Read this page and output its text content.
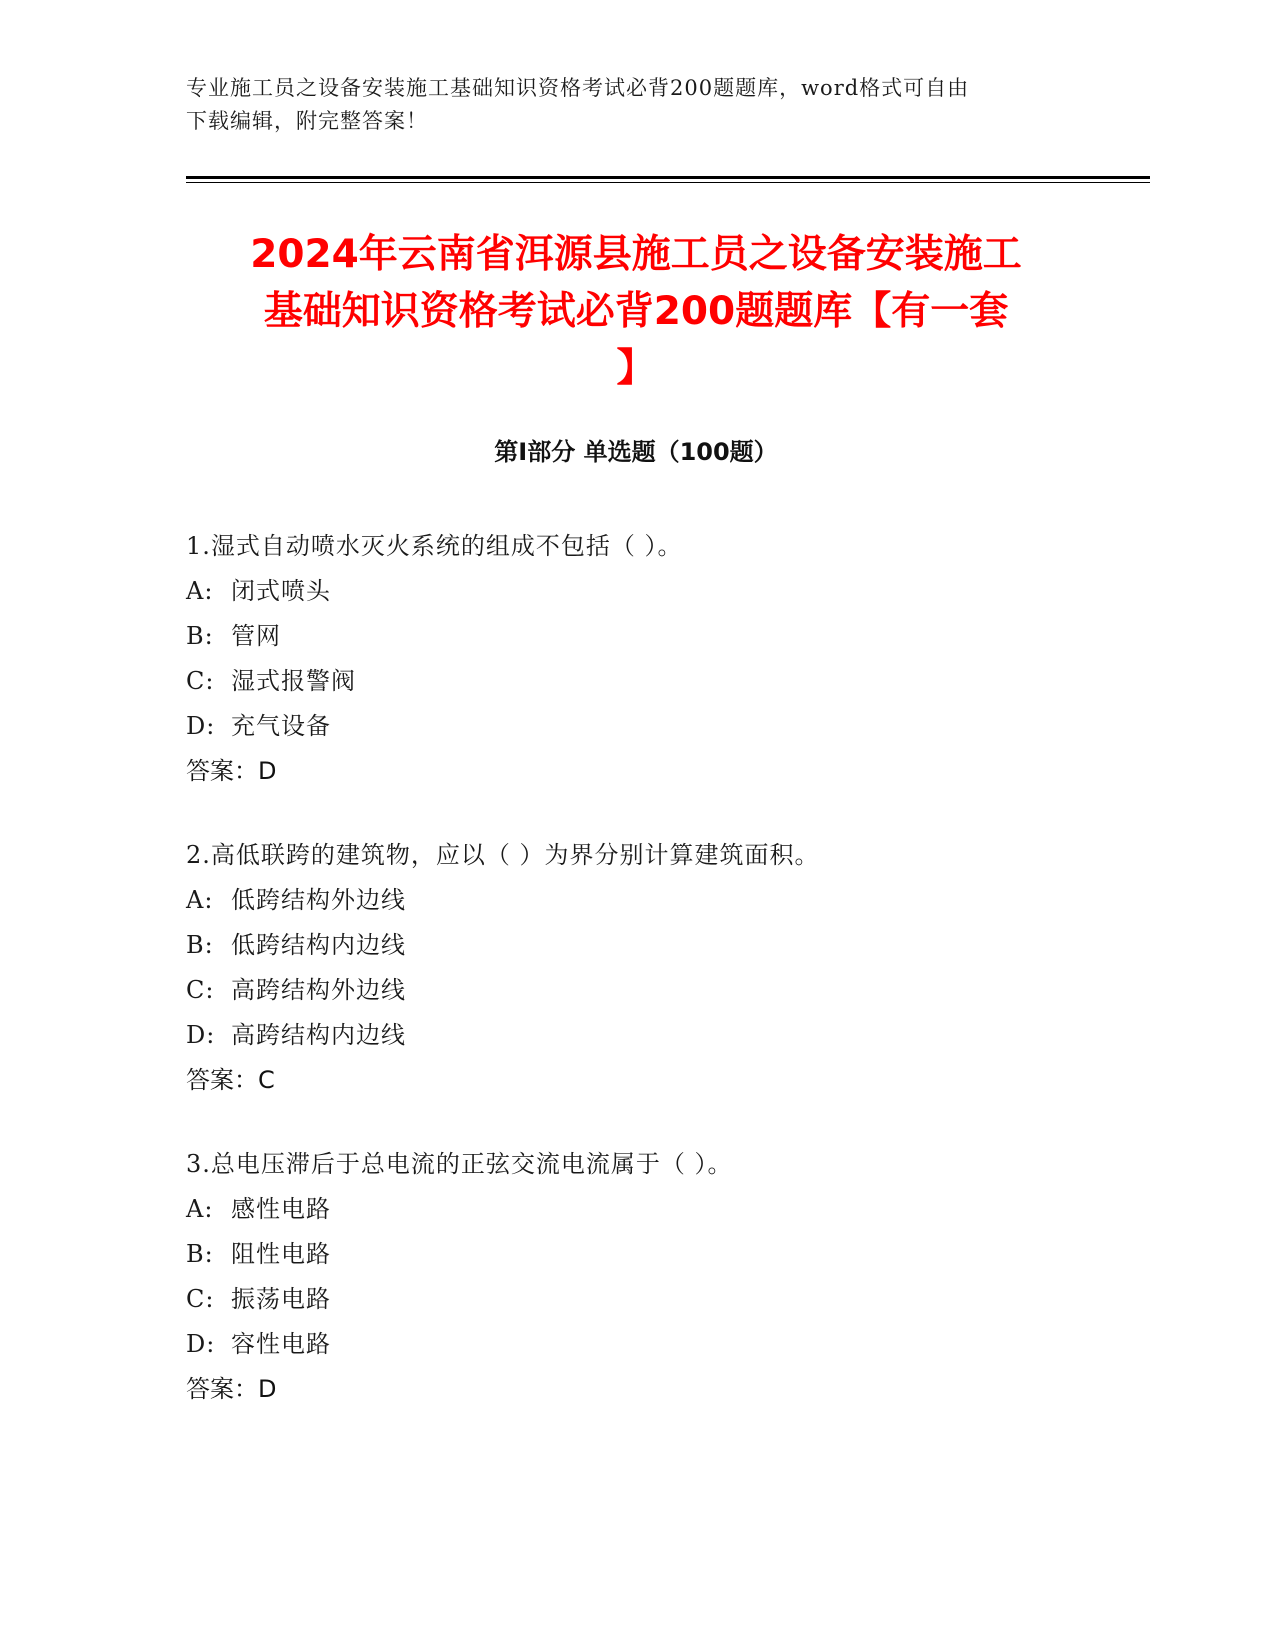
专业施工员之设备安装施工基础知识资格考试必背200题题库，word格式可自由
下载编辑，附完整答案！
2024年云南省洱源县施工员之设备安装施工
基础知识资格考试必背200题题库【有一套
】
第I部分 单选题（100题）
1.湿式自动喷水灭火系统的组成不包括（ ）。
A: 闭式喷头
B: 管网
C: 湿式报警阀
D: 充气设备
答案：D
2.高低联跨的建筑物，应以（ ）为界分别计算建筑面积。
A: 低跨结构外边线
B: 低跨结构内边线
C: 高跨结构外边线
D: 高跨结构内边线
答案：C
3.总电压滞后于总电流的正弦交流电流属于（ ）。
A: 感性电路
B: 阻性电路
C: 振荡电路
D: 容性电路
答案：D
